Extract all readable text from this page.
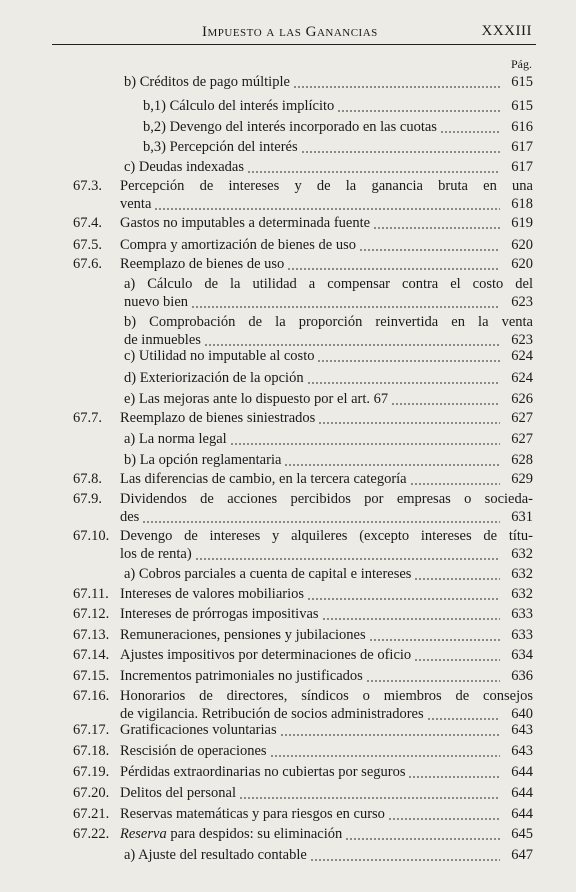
Impuesto a las Ganancias	XXXIII
Pág.
b) Créditos de pago múltiple	615
b,1) Cálculo del interés implícito	615
b,2) Devengo del interés incorporado en las cuotas	616
b,3) Percepción del interés	617
c) Deudas indexadas	617
67.3. Percepción de intereses y de la ganancia bruta en una
venta	618
67.4. Gastos no imputables a determinada fuente	619
67.5. Compra y amortización de bienes de uso	620
67.6. Reemplazo de bienes de uso	620
a) Cálculo de la utilidad a compensar contra el costo del
nuevo bien	623
b) Comprobación de la proporción reinvertida en la venta
de inmuebles	623
c) Utilidad no imputable al costo	624
d) Exteriorización de la opción	624
e) Las mejoras ante lo dispuesto por el art. 67	626
67.7. Reemplazo de bienes siniestrados	627
a) La norma legal	627
b) La opción reglamentaria	628
67.8. Las diferencias de cambio, en la tercera categoría	629
67.9. Dividendos de acciones percibidos por empresas o socieda-
des	631
67.10. Devengo de intereses y alquileres (excepto intereses de títu-
los de renta)	632
a) Cobros parciales a cuenta de capital e intereses	632
67.11. Intereses de valores mobiliarios	632
67.12. Intereses de prórrogas impositivas	633
67.13. Remuneraciones, pensiones y jubilaciones	633
67.14. Ajustes impositivos por determinaciones de oficio	634
67.15. Incrementos patrimoniales no justificados	636
67.16. Honorarios de directores, síndicos o miembros de consejos
de vigilancia. Retribución de socios administradores	640
67.17. Gratificaciones voluntarias	643
67.18. Rescisión de operaciones	643
67.19. Pérdidas extraordinarias no cubiertas por seguros	644
67.20. Delitos del personal	644
67.21. Reservas matemáticas y para riesgos en curso	644
67.22. Reserva para despidos: su eliminación	645
a) Ajuste del resultado contable	647
